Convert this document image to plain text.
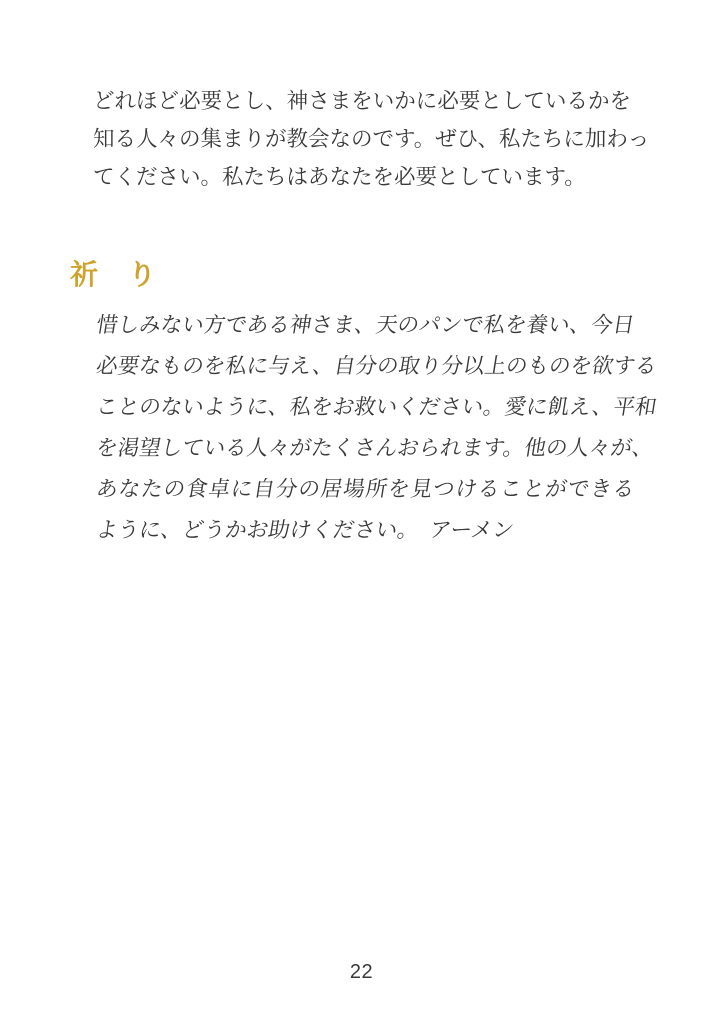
どれほど必要とし、神さまをいかに必要としているかを
知る人々の集まりが教会なのです。ぜひ、私たちに加わっ
てください。私たちはあなたを必要としています。
祈　り
惜しみない方である神さま、天のパンで私を養い、今日
必要なものを私に与え、自分の取り分以上のものを欲する
ことのないように、私をお救いください。愛に飢え、平和
を渇望している人々がたくさんおられます。他の人々が、
あなたの食卓に自分の居場所を見つけることができる
ように、どうかお助けください。　アーメン
22
